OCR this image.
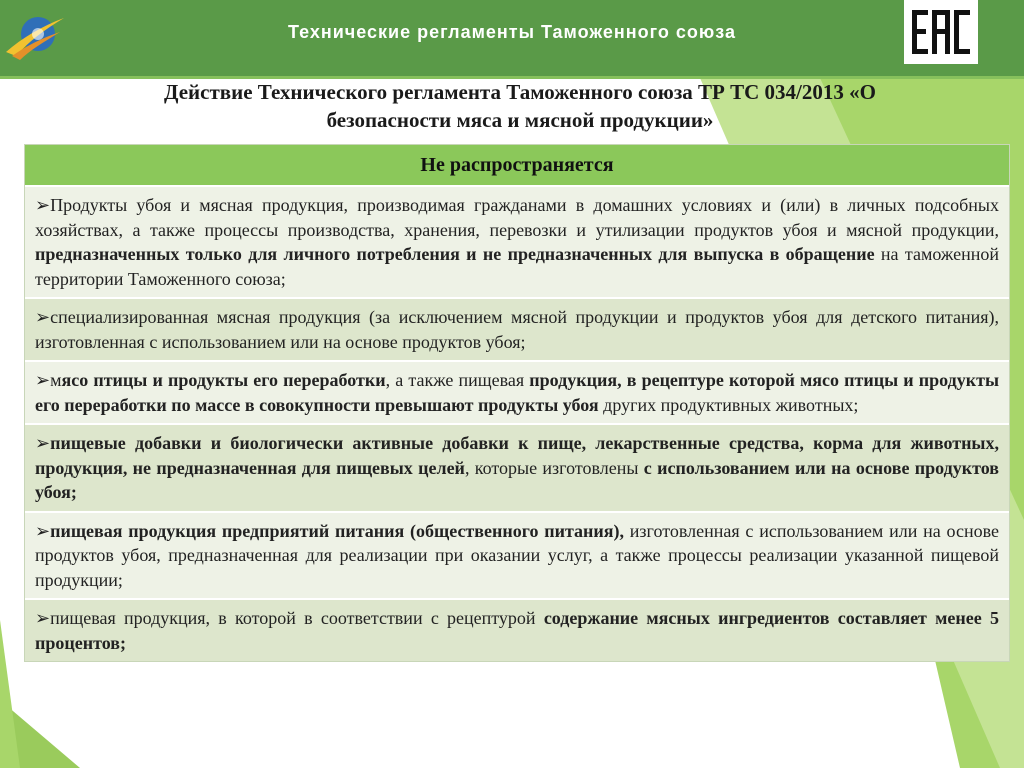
Технические регламенты Таможенного союза
Действие Технического регламента Таможенного союза ТР ТС 034/2013 «О
безопасности мяса и мясной продукции»
Не распространяется
➢Продукты убоя и мясная продукция, производимая гражданами в домашних условиях и (или) в личных подсобных хозяйствах, а также процессы производства, хранения, перевозки и утилизации продуктов убоя и мясной продукции, предназначенных только для личного потребления и не предназначенных для выпуска в обращение на таможенной территории Таможенного союза;
➢специализированная мясная продукция (за исключением мясной продукции и продуктов убоя для детского питания), изготовленная с использованием или на основе продуктов убоя;
➢мясо птицы и продукты его переработки, а также пищевая продукция, в рецептуре которой мясо птицы и продукты его переработки по массе в совокупности превышают продукты убоя других продуктивных животных;
➢пищевые добавки и биологически активные добавки к пище, лекарственные средства, корма для животных, продукция, не предназначенная для пищевых целей, которые изготовлены с использованием или на основе продуктов убоя;
➢пищевая продукция предприятий питания (общественного питания), изготовленная с использованием или на основе продуктов убоя, предназначенная для реализации при оказании услуг, а также процессы реализации указанной пищевой продукции;
➢пищевая продукция, в которой в соответствии с рецептурой содержание мясных ингредиентов составляет менее 5 процентов;
